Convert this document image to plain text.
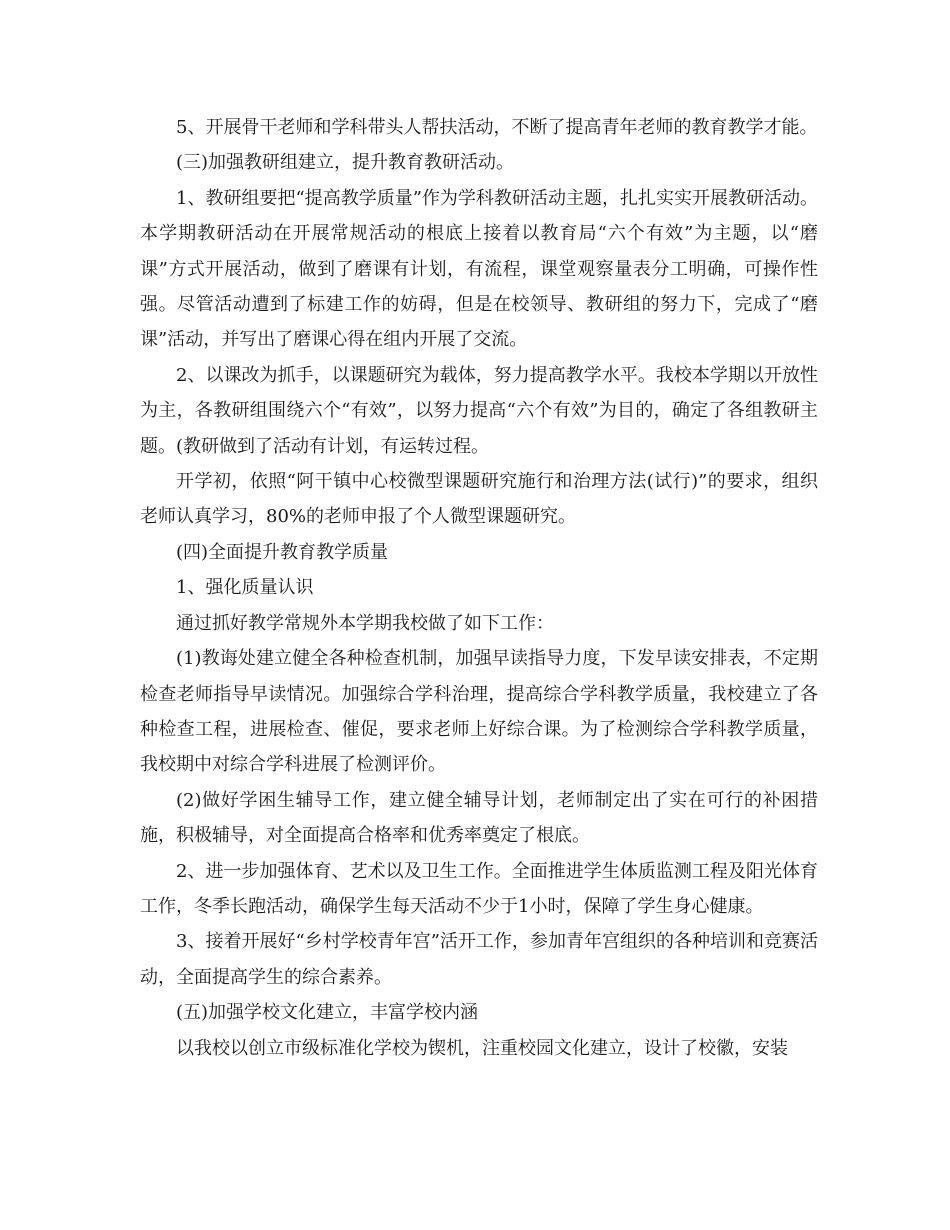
5、开展骨干老师和学科带头人帮扶活动，不断了提高青年老师的教育教学才能。

(三)加强教研组建立，提升教育教研活动。

1、教研组要把“提高教学质量”作为学科教研活动主题，扎扎实实开展教研活动。本学期教研活动在开展常规活动的根底上接着以教育局“六个有效”为主题，以“磨课”方式开展活动，做到了磨课有计划，有流程，课堂观察量表分工明确，可操作性强。尽管活动遭到了标建工作的妨碍，但是在校领导、教研组的努力下，完成了“磨课”活动，并写出了磨课心得在组内开展了交流。

2、以课改为抓手，以课题研究为载体，努力提高教学水平。我校本学期以开放性为主，各教研组围绕六个“有效”，以努力提高“六个有效”为目的，确定了各组教研主题。(教研做到了活动有计划，有运转过程。

开学初，依照“阿干镇中心校微型课题研究施行和治理方法(试行)”的要求，组织老师认真学习，80%的老师申报了个人微型课题研究。

(四)全面提升教育教学质量

1、强化质量认识

通过抓好教学常规外本学期我校做了如下工作：

(1)教诲处建立健全各种检查机制，加强早读指导力度，下发早读安排表，不定期检查老师指导早读情况。加强综合学科治理，提高综合学科教学质量，我校建立了各种检查工程，进展检查、催促，要求老师上好综合课。为了检测综合学科教学质量，我校期中对综合学科进展了检测评价。

(2)做好学困生辅导工作，建立健全辅导计划，老师制定出了实在可行的补困措施，积极辅导，对全面提高合格率和优秀率奠定了根底。

2、进一步加强体育、艺术以及卫生工作。全面推进学生体质监测工程及阳光体育工作，冬季长跑活动，确保学生每天活动不少于1小时，保障了学生身心健康。

3、接着开展好“乡村学校青年宫”活开工作，参加青年宫组织的各种培训和竞赛活动，全面提高学生的综合素养。

(五)加强学校文化建立，丰富学校内涵

以我校以创立市级标准化学校为锲机，注重校园文化建立，设计了校徽，安装
